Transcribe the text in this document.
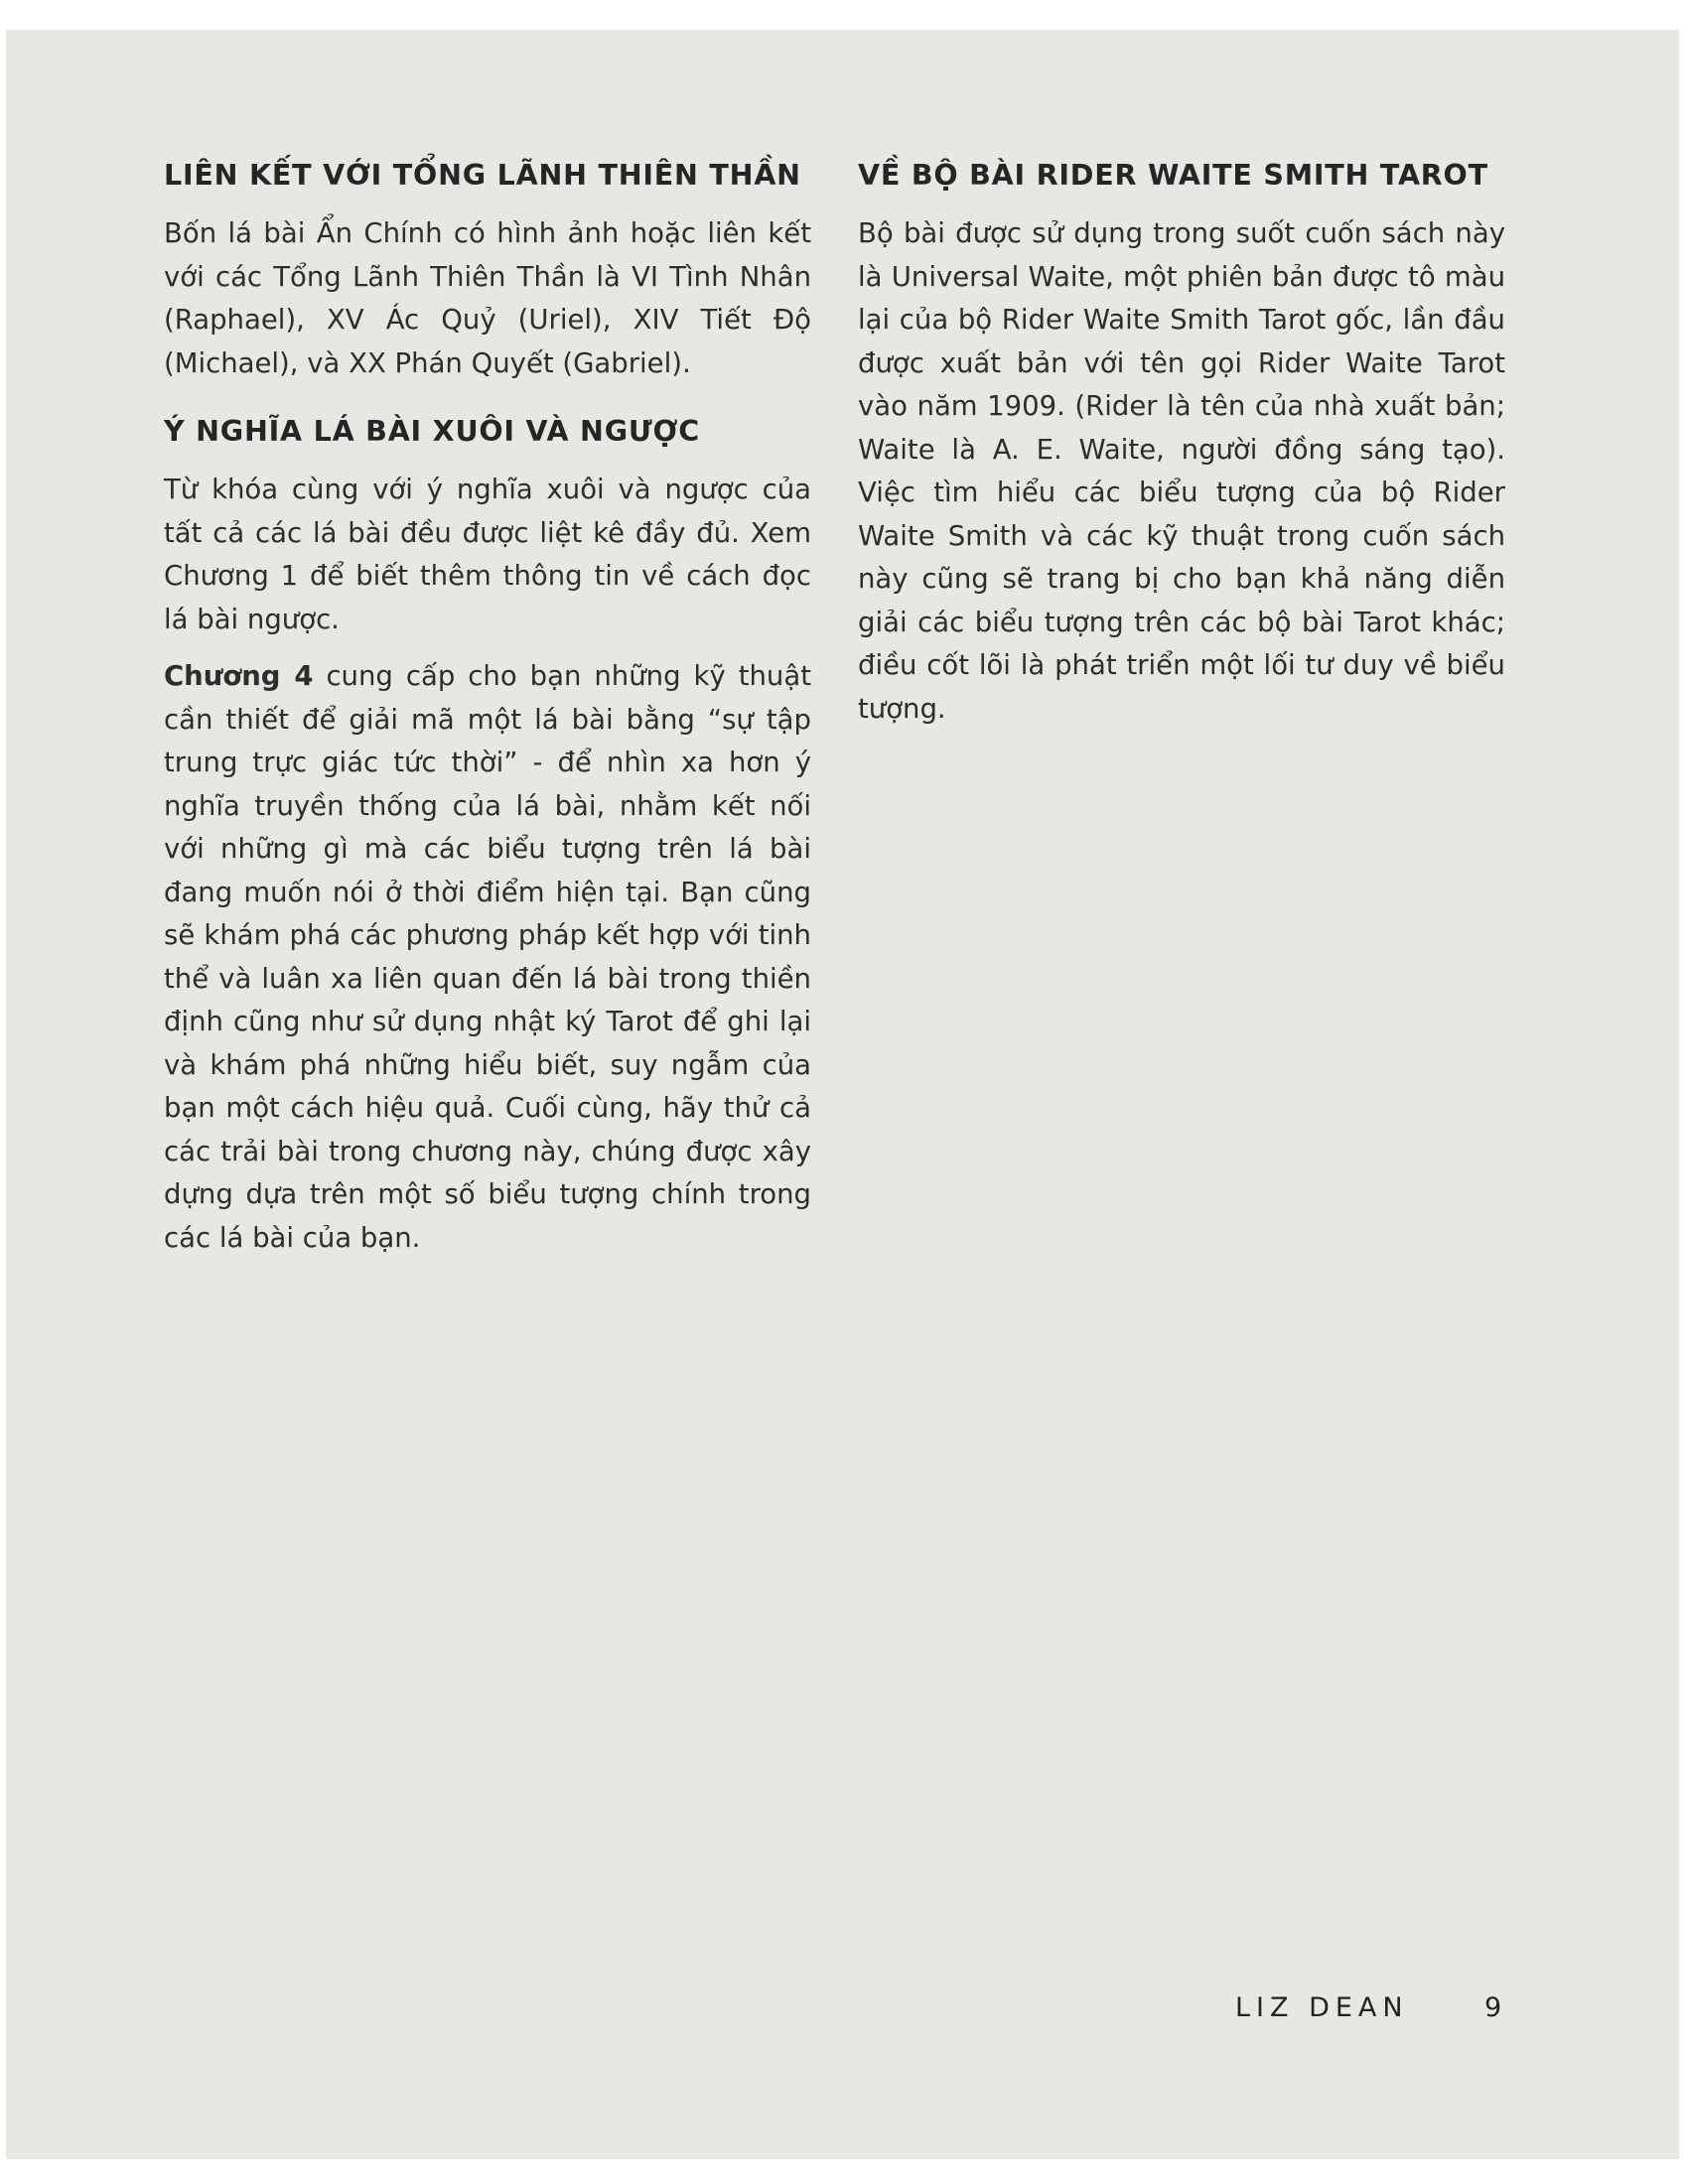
LIÊN KẾT VỚI TỔNG LÃNH THIÊN THẦN

Bốn lá bài Ẩn Chính có hình ảnh hoặc liên kết với các Tổng Lãnh Thiên Thần là VI Tình Nhân (Raphael), XV Ác Quỷ (Uriel), XIV Tiết Độ (Michael), và XX Phán Quyết (Gabriel).

Ý NGHĨA LÁ BÀI XUÔI VÀ NGƯỢC

Từ khóa cùng với ý nghĩa xuôi và ngược của tất cả các lá bài đều được liệt kê đầy đủ. Xem Chương 1 để biết thêm thông tin về cách đọc lá bài ngược.

Chương 4 cung cấp cho bạn những kỹ thuật cần thiết để giải mã một lá bài bằng “sự tập trung trực giác tức thời” - để nhìn xa hơn ý nghĩa truyền thống của lá bài, nhằm kết nối với những gì mà các biểu tượng trên lá bài đang muốn nói ở thời điểm hiện tại. Bạn cũng sẽ khám phá các phương pháp kết hợp với tinh thể và luân xa liên quan đến lá bài trong thiền định cũng như sử dụng nhật ký Tarot để ghi lại và khám phá những hiểu biết, suy ngẫm của bạn một cách hiệu quả. Cuối cùng, hãy thử cả các trải bài trong chương này, chúng được xây dựng dựa trên một số biểu tượng chính trong các lá bài của bạn.

VỀ BỘ BÀI RIDER WAITE SMITH TAROT

Bộ bài được sử dụng trong suốt cuốn sách này là Universal Waite, một phiên bản được tô màu lại của bộ Rider Waite Smith Tarot gốc, lần đầu được xuất bản với tên gọi Rider Waite Tarot vào năm 1909. (Rider là tên của nhà xuất bản; Waite là A. E. Waite, người đồng sáng tạo). Việc tìm hiểu các biểu tượng của bộ Rider Waite Smith và các kỹ thuật trong cuốn sách này cũng sẽ trang bị cho bạn khả năng diễn giải các biểu tượng trên các bộ bài Tarot khác; điều cốt lõi là phát triển một lối tư duy về biểu tượng.

LIZ DEAN	9
